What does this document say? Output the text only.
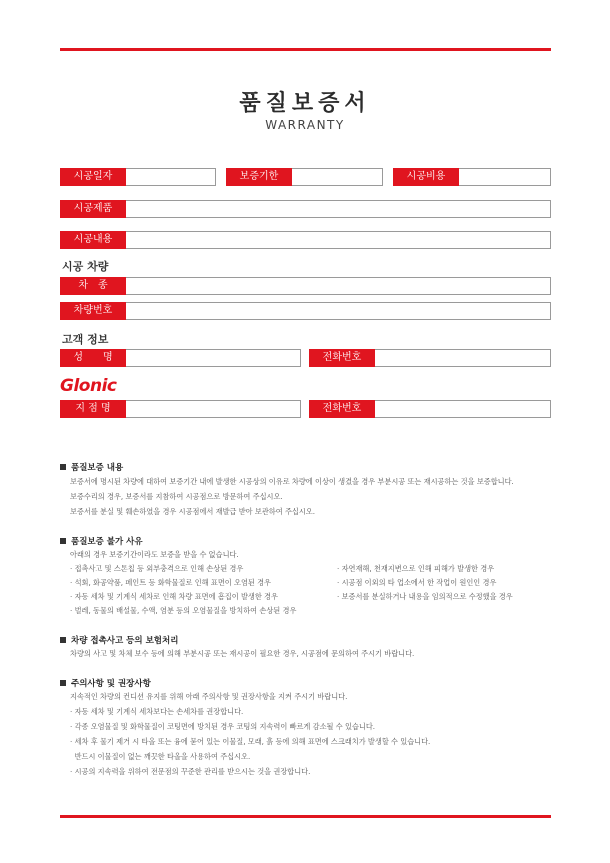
품질보증서
WARRANTY
시공일자	보증기한	시공비용
시공제품
시공내용
시공 차량
차　종
차량번호
고객 정보
성　　명	전화번호
Glonic
지 점 명	전화번호
품질보증 내용
보증서에 명시된 차량에 대하여 보증기간 내에 발생한 시공상의 이유로 차량에 이상이 생겼을 경우 부분시공 또는 재시공하는 것을 보증합니다.
보증수리의 경우, 보증서를 지참하여 시공점으로 방문하여 주십시오.
보증서를 분실 및 훼손하였을 경우 시공점에서 재발급 받아 보관하여 주십시오.
품질보증 불가 사유
아래의 경우 보증기간이라도 보증을 받을 수 없습니다.
· 접촉사고 및 스톤칩 등 외부충격으로 인해 손상된 경우
· 석회, 화공약품, 페인트 등 화학물질로 인해 표면이 오염된 경우
· 자동 세차 및 기계식 세차로 인해 차량 표면에 흠집이 발생한 경우
· 벌레, 동물의 배설물, 수액, 염분 등의 오염물질을 방치하여 손상된 경우
· 자연재해, 천재지변으로 인해 피해가 발생한 경우
· 시공점 이외의 타 업소에서 한 작업이 원인인 경우
· 보증서를 분실하거나 내용을 임의적으로 수정했을 경우
차량 접촉사고 등의 보험처리
차량의 사고 및 차체 보수 등에 의해 부분시공 또는 재시공이 필요한 경우, 시공점에 문의하여 주시기 바랍니다.
주의사항 및 권장사항
지속적인 차량의 컨디션 유지를 위해 아래 주의사항 및 권장사항을 지켜 주시기 바랍니다.
· 자동 세차 및 기계식 세차보다는 손세차를 권장합니다.
· 각종 오염물질 및 화학물질이 코팅면에 방치된 경우 코팅의 지속력이 빠르게 감소될 수 있습니다.
· 세차 후 물기 제거 시 타올 또는 융에 묻어 있는 이물질, 모래, 흙 등에 의해 표면에 스크래치가 발생할 수 있습니다.
반드시 이물질이 없는 깨끗한 타올을 사용하여 주십시오.
· 시공의 지속력을 위하여 전문점의 꾸준한 관리를 받으시는 것을 권장합니다.
